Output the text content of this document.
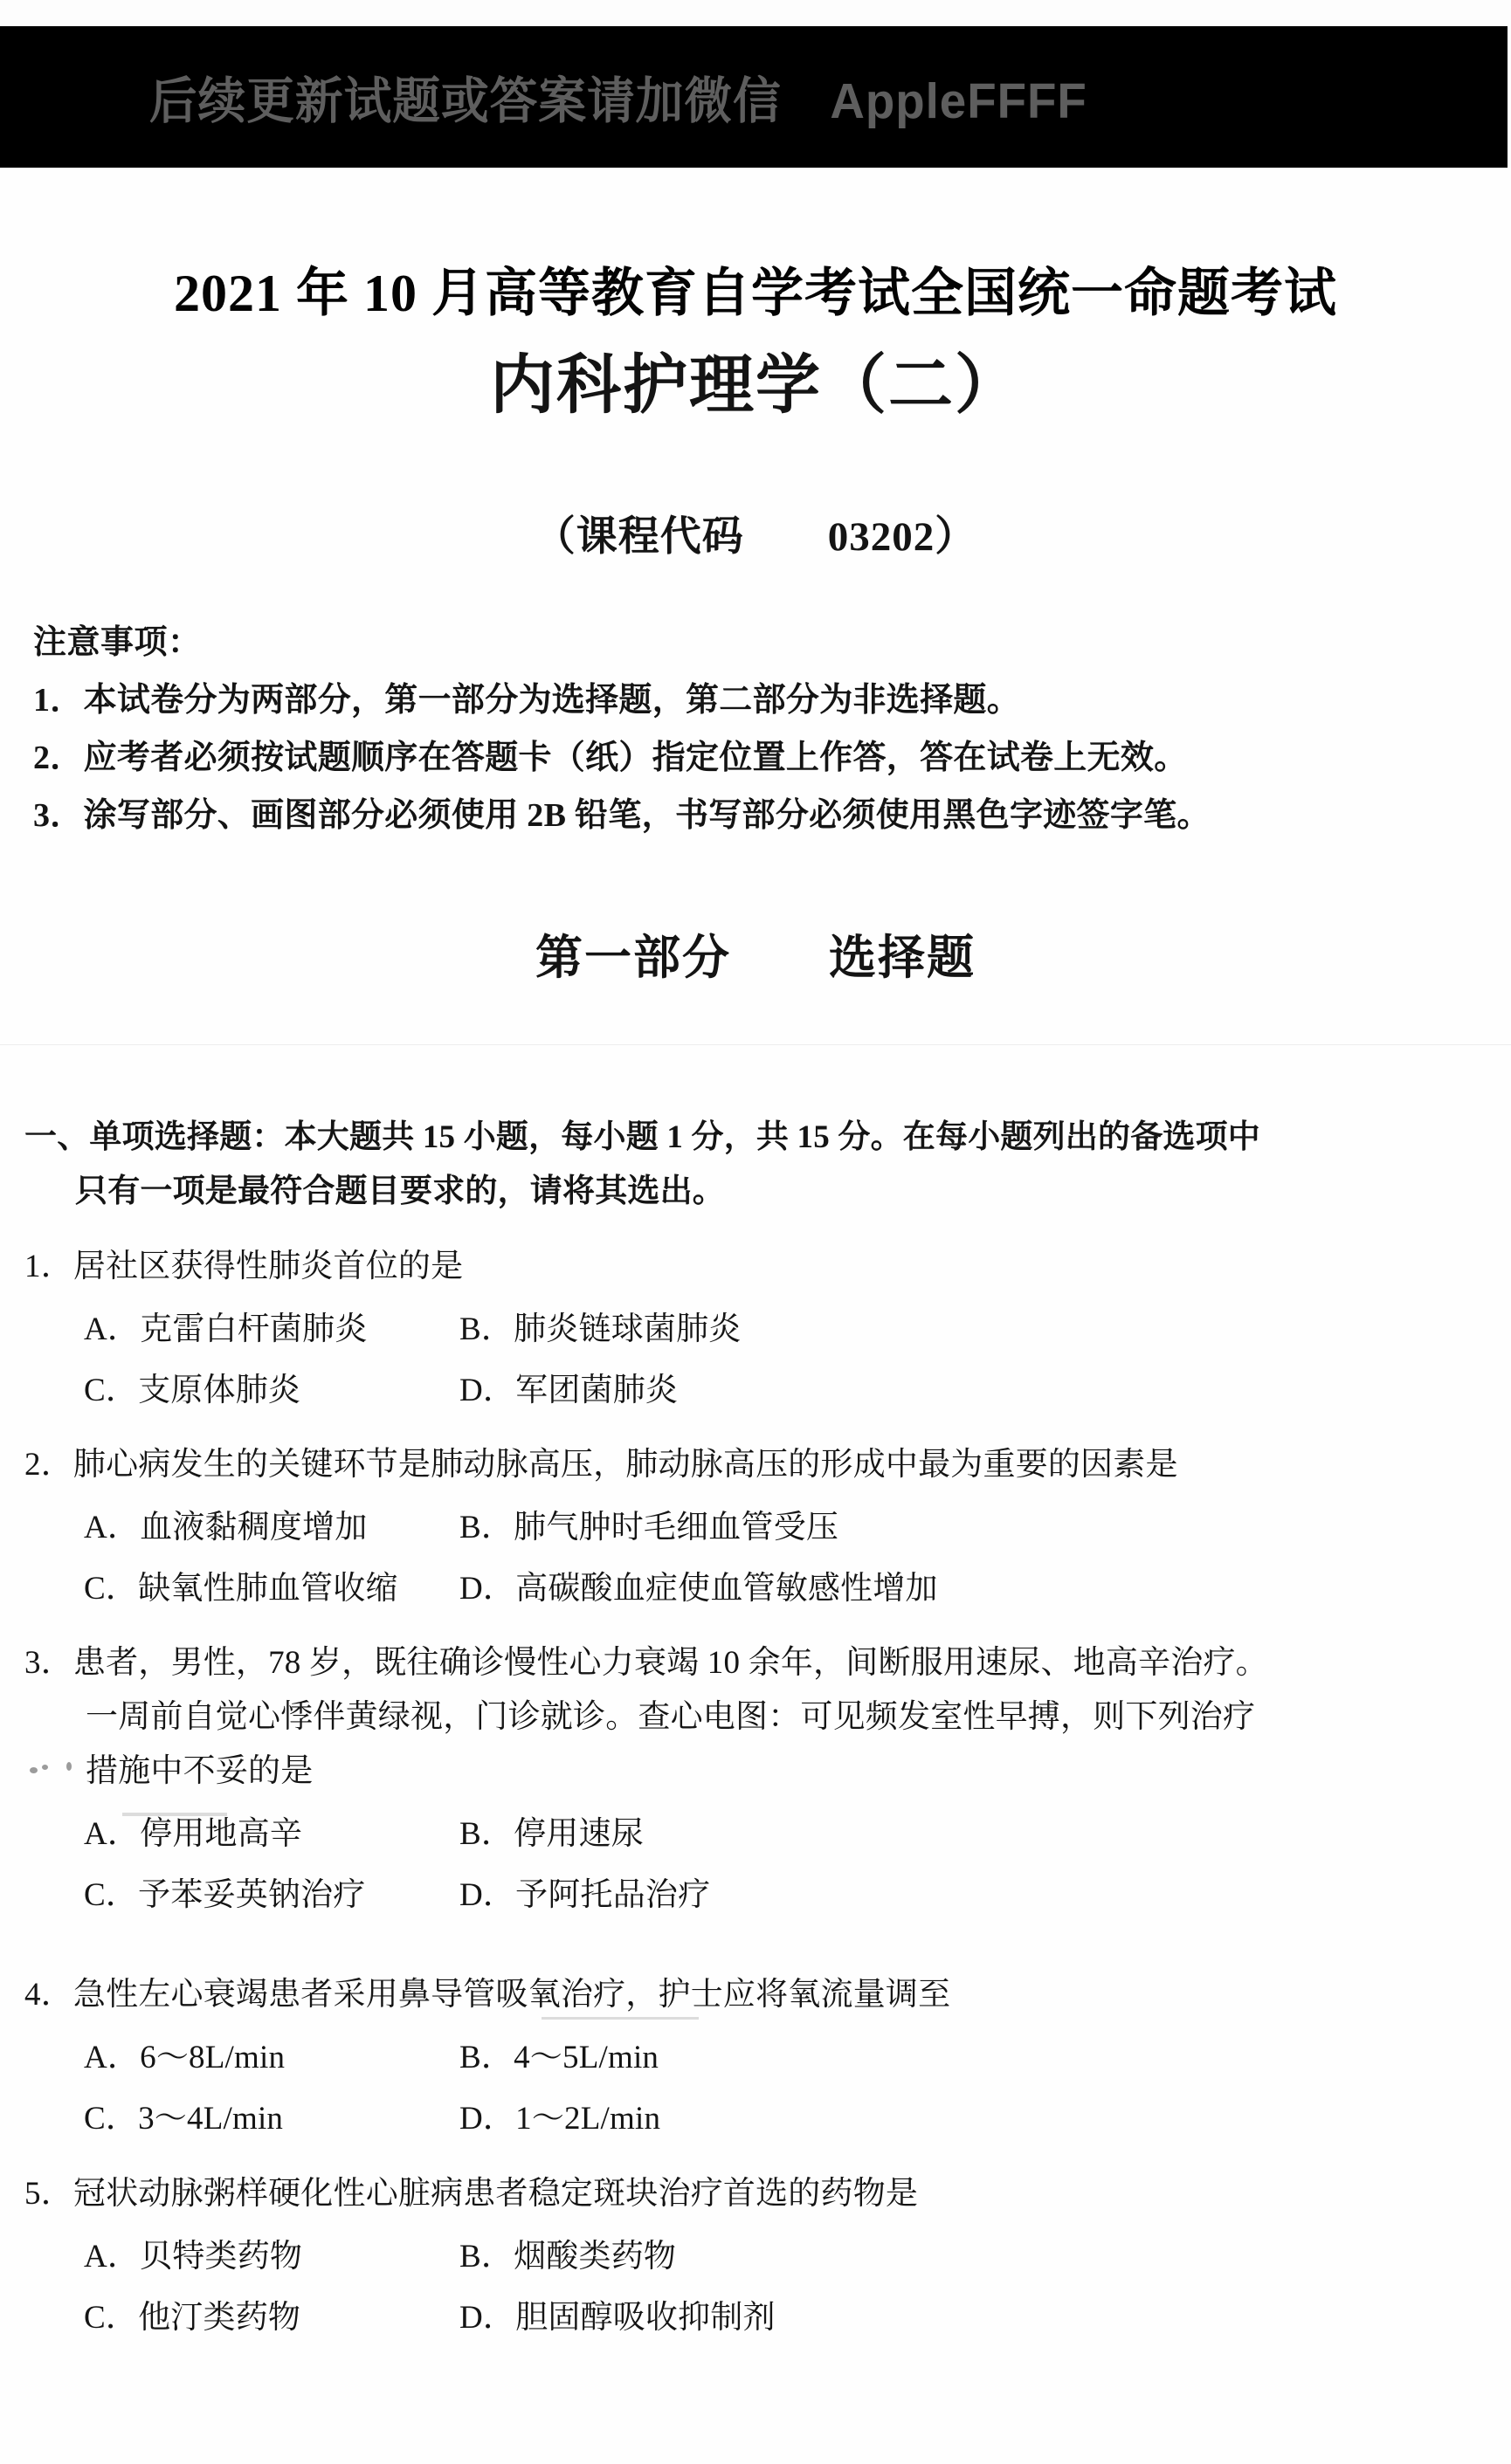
后续更新试题或答案请加微信　AppleFFFF
2021 年 10 月高等教育自学考试全国统一命题考试
内科护理学（二）
（课程代码　　03202）
注意事项：
1．本试卷分为两部分，第一部分为选择题，第二部分为非选择题。
2．应考者必须按试题顺序在答题卡（纸）指定位置上作答，答在试卷上无效。
3．涂写部分、画图部分必须使用 2B 铅笔，书写部分必须使用黑色字迹签字笔。
第一部分　　选择题
一、单项选择题：本大题共 15 小题，每小题 1 分，共 15 分。在每小题列出的备选项中
只有一项是最符合题目要求的，请将其选出。
1．居社区获得性肺炎首位的是
A．克雷白杆菌肺炎	B．肺炎链球菌肺炎
C．支原体肺炎	D．军团菌肺炎
2．肺心病发生的关键环节是肺动脉高压，肺动脉高压的形成中最为重要的因素是
A．血液黏稠度增加	B．肺气肿时毛细血管受压
C．缺氧性肺血管收缩	D．高碳酸血症使血管敏感性增加
3．患者，男性，78 岁，既往确诊慢性心力衰竭 10 余年，间断服用速尿、地高辛治疗。
一周前自觉心悸伴黄绿视，门诊就诊。查心电图：可见频发室性早搏，则下列治疗
措施中不妥的是
A．停用地高辛	B．停用速尿
C．予苯妥英钠治疗	D．予阿托品治疗
4．急性左心衰竭患者采用鼻导管吸氧治疗，护士应将氧流量调至
A．6～8L/min	B．4～5L/min
C．3～4L/min	D．1～2L/min
5．冠状动脉粥样硬化性心脏病患者稳定斑块治疗首选的药物是
A．贝特类药物	B．烟酸类药物
C．他汀类药物	D．胆固醇吸收抑制剂
